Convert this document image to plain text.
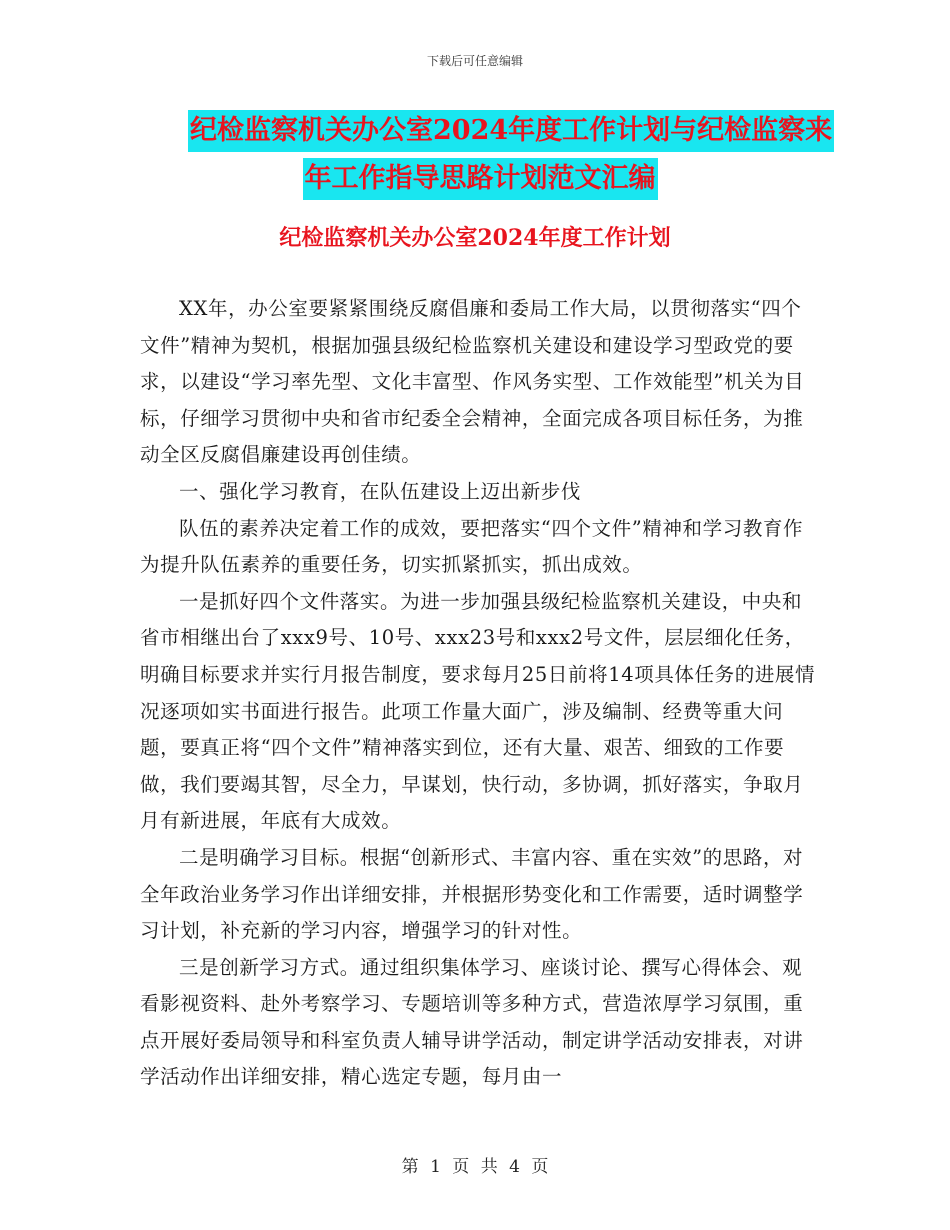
下载后可任意编辑
纪检监察机关办公室2024年度工作计划与纪检监察来
年工作指导思路计划范文汇编
纪检监察机关办公室2024年度工作计划

XX年，办公室要紧紧围绕反腐倡廉和委局工作大局，以贯彻落实“四个文件”精神为契机，根据加强县级纪检监察机关建设和建设学习型政党的要求，以建设“学习率先型、文化丰富型、作风务实型、工作效能型”机关为目标，仔细学习贯彻中央和省市纪委全会精神，全面完成各项目标任务，为推动全区反腐倡廉建设再创佳绩。

一、强化学习教育，在队伍建设上迈出新步伐

队伍的素养决定着工作的成效，要把落实“四个文件”精神和学习教育作为提升队伍素养的重要任务，切实抓紧抓实，抓出成效。

一是抓好四个文件落实。为进一步加强县级纪检监察机关建设，中央和省市相继出台了xxx9号、10号、xxx23号和xxx2号文件，层层细化任务，明确目标要求并实行月报告制度，要求每月25日前将14项具体任务的进展情况逐项如实书面进行报告。此项工作量大面广，涉及编制、经费等重大问题，要真正将“四个文件”精神落实到位，还有大量、艰苦、细致的工作要做，我们要竭其智，尽全力，早谋划，快行动，多协调，抓好落实，争取月月有新进展，年底有大成效。

二是明确学习目标。根据“创新形式、丰富内容、重在实效”的思路，对全年政治业务学习作出详细安排，并根据形势变化和工作需要，适时调整学习计划，补充新的学习内容，增强学习的针对性。

三是创新学习方式。通过组织集体学习、座谈讨论、撰写心得体会、观看影视资料、赴外考察学习、专题培训等多种方式，营造浓厚学习氛围，重点开展好委局领导和科室负责人辅导讲学活动，制定讲学活动安排表，对讲学活动作出详细安排，精心选定专题，每月由一

第 1 页 共 4 页
